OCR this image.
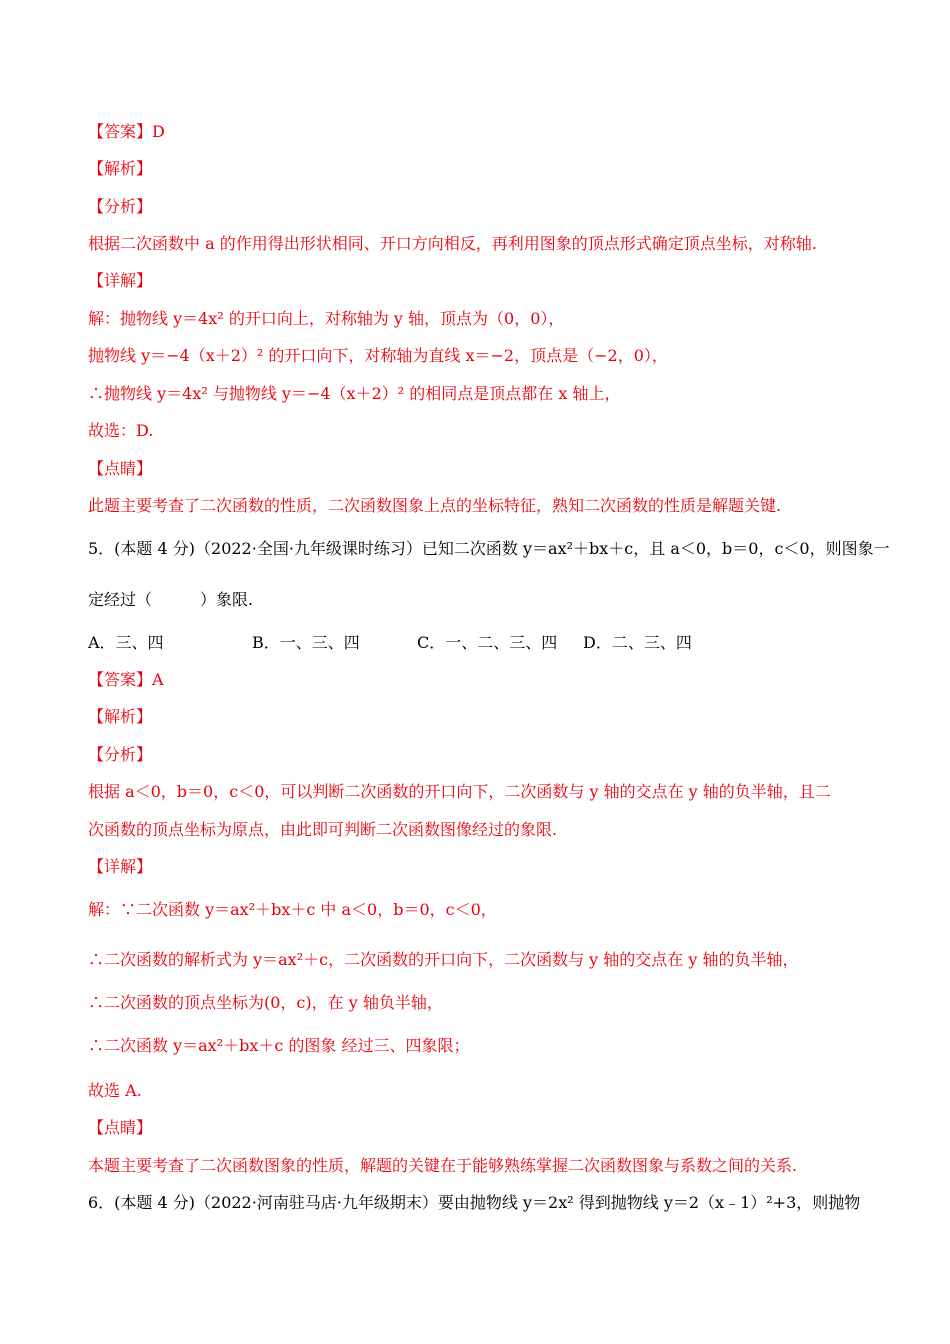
【答案】D
【解析】
【分析】
根据二次函数中 a 的作用得出形状相同、开口方向相反，再利用图象的顶点形式确定顶点坐标，对称轴.
【详解】
解：抛物线 y＝4x² 的开口向上，对称轴为 y 轴，顶点为（0，0），
抛物线 y＝−4（x＋2）² 的开口向下，对称轴为直线 x＝−2，顶点是（−2，0），
∴抛物线 y＝4x² 与抛物线 y＝−4（x＋2）² 的相同点是顶点都在 x 轴上，
故选：D.
【点睛】
此题主要考查了二次函数的性质，二次函数图象上点的坐标特征，熟知二次函数的性质是解题关键.
5．(本题 4 分)（2022·全国·九年级课时练习）已知二次函数 y＝ax²＋bx＋c，且 a＜0，b＝0，c＜0，则图象一
定经过（　　　）象限.
A．三、四	B．一、三、四	C．一、二、三、四 D．二、三、四
【答案】A
【解析】
【分析】
根据 a＜0，b＝0，c＜0，可以判断二次函数的开口向下，二次函数与 y 轴的交点在 y 轴的负半轴，且二
次函数的顶点坐标为原点，由此即可判断二次函数图像经过的象限.
【详解】
解：∵二次函数 y＝ax²＋bx＋c 中 a＜0，b＝0，c＜0，
∴二次函数的解析式为 y＝ax²＋c，二次函数的开口向下，二次函数与 y 轴的交点在 y 轴的负半轴，
∴二次函数的顶点坐标为(0，c)，在 y 轴负半轴，
∴二次函数 y＝ax²＋bx＋c 的图象 经过三、四象限；
故选 A.
【点睛】
本题主要考查了二次函数图象的性质，解题的关键在于能够熟练掌握二次函数图象与系数之间的关系.
6．(本题 4 分)（2022·河南驻马店·九年级期末）要由抛物线 y＝2x² 得到抛物线 y＝2（x﹣1）²+3，则抛物
